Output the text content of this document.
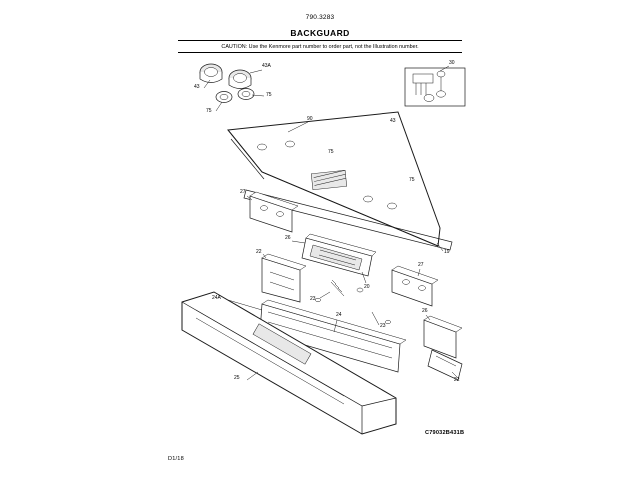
790.3283
BACKGUARD
CAUTION: Use the Kenmore part number to order part, not the Illustration number.
43A
43
75
75
90	43
30
75
75
27
19
22
26
27
20
23
24
23
26
24A
22
25
C79032B431B
D1/18
